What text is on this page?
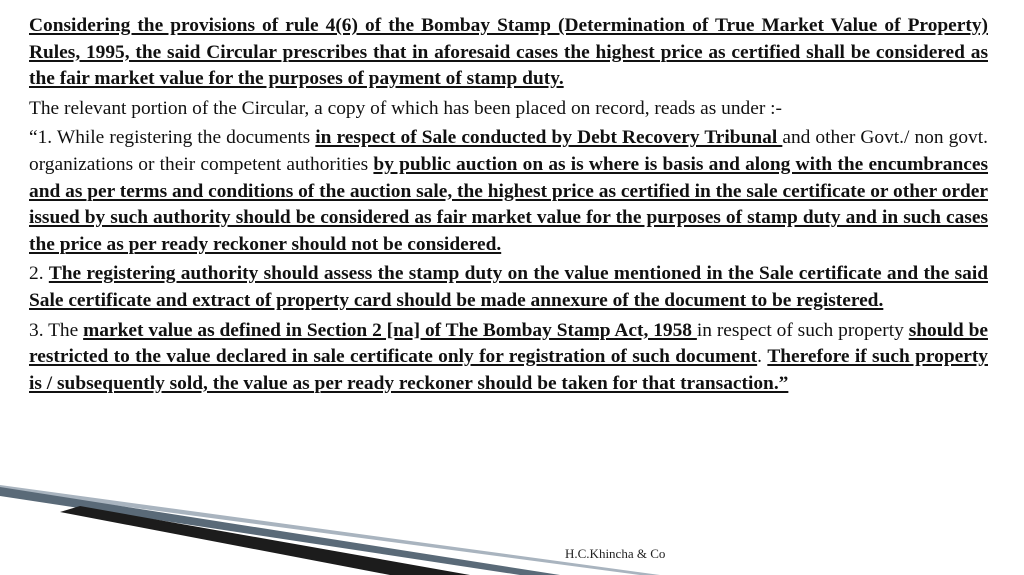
Considering the provisions of rule 4(6) of the Bombay Stamp (Determination of True Market Value of Property) Rules, 1995, the said Circular prescribes that in aforesaid cases the highest price as certified shall be considered as the fair market value for the purposes of payment of stamp duty.

The relevant portion of the Circular, a copy of which has been placed on record, reads as under :-

“1. While registering the documents in respect of Sale conducted by Debt Recovery Tribunal and other Govt./ non govt. organizations or their competent authorities by public auction on as is where is basis and along with the encumbrances and as per terms and conditions of the auction sale, the highest price as certified in the sale certificate or other order issued by such authority should be considered as fair market value for the purposes of stamp duty and in such cases the price as per ready reckoner should not be considered.

2. The registering authority should assess the stamp duty on the value mentioned in the Sale certificate and the said Sale certificate and extract of property card should be made annexure of the document to be registered.

3. The market value as defined in Section 2 [na] of The Bombay Stamp Act, 1958 in respect of such property should be restricted to the value declared in sale certificate only for registration of such document. Therefore if such property is / subsequently sold, the value as per ready reckoner should be taken for that transaction.”

H.C.Khincha & Co
